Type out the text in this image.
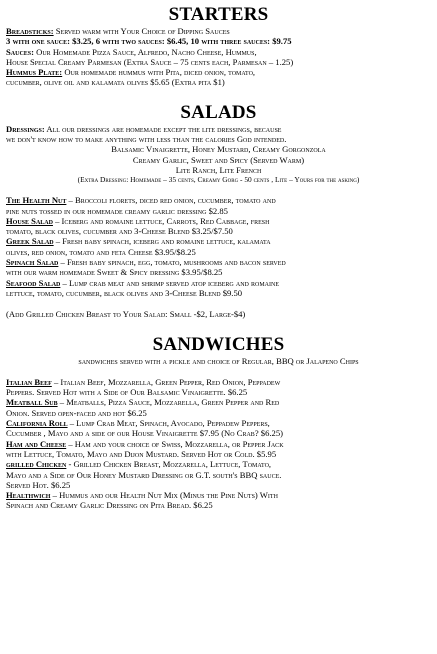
STARTERS

Breadsticks: Served warm with Your Choice of Dipping Sauces

3 with one sauce: $3.25, 6 with two sauces: $6.45, 10 with three sauces: $9.75

Sauces: Our Homemade Pizza Sauce, Alfredo, Nacho Cheese, Hummus,

House Special Creamy Parmesan (Extra Sauce – 75 cents each, Parmesan – 1.25)

Hummus Plate: Our homemade hummus with Pita, diced onion, tomato,

cucumber, olive oil and kalamata olives $5.65 (Extra pita $1)

SALADS

Dressings: All our dressings are homemade except the lite dressings, because

we don't know how to make anything with less than the calories God intended.

Balsamic Vinaigrette, Honey Mustard, Creamy Gorgonzola

Creamy Garlic, Sweet and Spicy (Served Warm)

Lite Ranch, Lite French

(Extra Dressing: Homemade – 35 cents, Creamy Gorg - 50 cents , Lite – Yours for the asking)

The Health Nut – Broccoli florets, diced red onion, cucumber, tomato and
pine nuts tossed in our homemade creamy garlic dressing $2.85
House Salad – Iceberg and romaine lettuce, Carrots, Red Cabbage, fresh
tomato, black olives, cucumber and 3-Cheese Blend $3.25/$7.50
Greek Salad – Fresh baby spinach, iceberg and romaine lettuce, kalamata
olives, red onion, tomato and feta Cheese $3.95/$8.25
Spinach Salad – Fresh baby spinach, egg, tomato, mushrooms and bacon served
with our warm homemade Sweet & Spicy dressing $3.95/$8.25
Seafood Salad – Lump crab meat and shrimp served atop iceberg and romaine
lettuce, tomato, cucumber, black olives and 3-Cheese Blend $9.50

(Add Grilled Chicken Breast to Your Salad: Small -$2, Large-$4)

SANDWICHES

sandwiches served with a pickle and choice of Regular, BBQ or Jalapeno Chips

Italian Beef – Italian Beef, Mozzarella, Green Pepper, Red Onion, Peppadew
Peppers. Served Hot with a Side of Our Balsamic Vinaigrette. $6.25
Meatball Sub – Meatballs, Pizza Sauce, Mozzarella, Green Pepper and Red
Onion. Served open-faced and hot $6.25
California Roll – Lump Crab Meat, Spinach, Avocado, Peppadew Peppers,
Cucumber , Mayo and a side of our House Vinaigrette $7.95 (No Crab? $6.25)
Ham and Cheese – Ham and your choice of Swiss, Mozzarella, or Pepper Jack
with Lettuce, Tomato, Mayo and Dijon Mustard. Served Hot or Cold. $5.95
grilled Chicken - Grilled Chicken Breast, Mozzarella, Lettuce, Tomato,
Mayo and a Side of Our Honey Mustard Dressing or G.T. south's BBQ sauce.
Served Hot. $6.25
Healthwich – Hummus and our Health Nut Mix (Minus the Pine Nuts) With
Spinach and Creamy Garlic Dressing on Pita Bread. $6.25
